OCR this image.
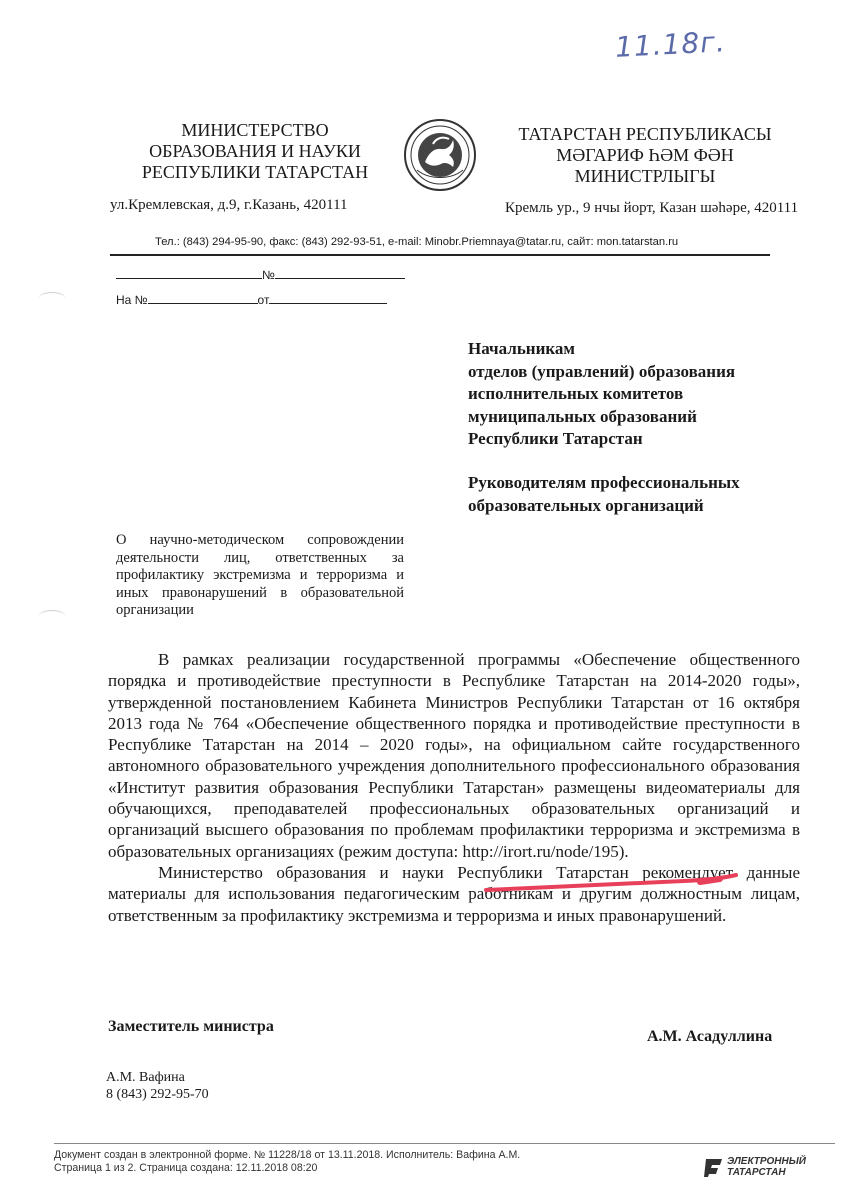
11.18г.
МИНИСТЕРСТВО
ОБРАЗОВАНИЯ И НАУКИ
РЕСПУБЛИКИ ТАТАРСТАН
ул.Кремлевская, д.9, г.Казань, 420111
ТАТАРСТАН РЕСПУБЛИКАСЫ
МӘГАРИФ ҺӘМ ФӘН
МИНИСТРЛЫГЫ
Кремль ур., 9 нчы йорт, Казан шәһәре, 420111
Тел.: (843) 294-95-90, факс: (843) 292-93-51, e-mail: Minobr.Priemnaya@tatar.ru, сайт: mon.tatarstan.ru
№
На №	от
Начальникам
отделов (управлений) образования
исполнительных комитетов
муниципальных образований
Республики Татарстан
Руководителям профессиональных
образовательных организаций
О научно-методическом сопровождении деятельности лиц, ответственных за профилактику экстремизма и терроризма и иных правонарушений в образовательной организации

В рамках реализации государственной программы «Обеспечение общественного порядка и противодействие преступности в Республике Татарстан на 2014-2020 годы», утвержденной постановлением Кабинета Министров Республики Татарстан от 16 октября 2013 года № 764 «Обеспечение общественного порядка и противодействие преступности в Республике Татарстан на 2014 – 2020 годы», на официальном сайте государственного автономного образовательного учреждения дополнительного профессионального образования «Институт развития образования Республики Татарстан» размещены видеоматериалы для обучающихся, преподавателей профессиональных образовательных организаций и организаций высшего образования по проблемам профилактики терроризма и экстремизма в образовательных организациях (режим доступа: http://irort.ru/node/195).

Министерство образования и науки Республики Татарстан рекомендует данные материалы для использования педагогическим работникам и другим должностным лицам, ответственным за профилактику экстремизма и терроризма и иных правонарушений.

Заместитель министра
А.М. Асадуллина
А.М. Вафина
8 (843) 292-95-70
Документ создан в электронной форме. № 11228/18 от 13.11.2018. Исполнитель: Вафина А.М.
Страница 1 из 2. Страница создана: 12.11.2018 08:20
ЭЛЕКТРОННЫЙ
ТАТАРСТАН
